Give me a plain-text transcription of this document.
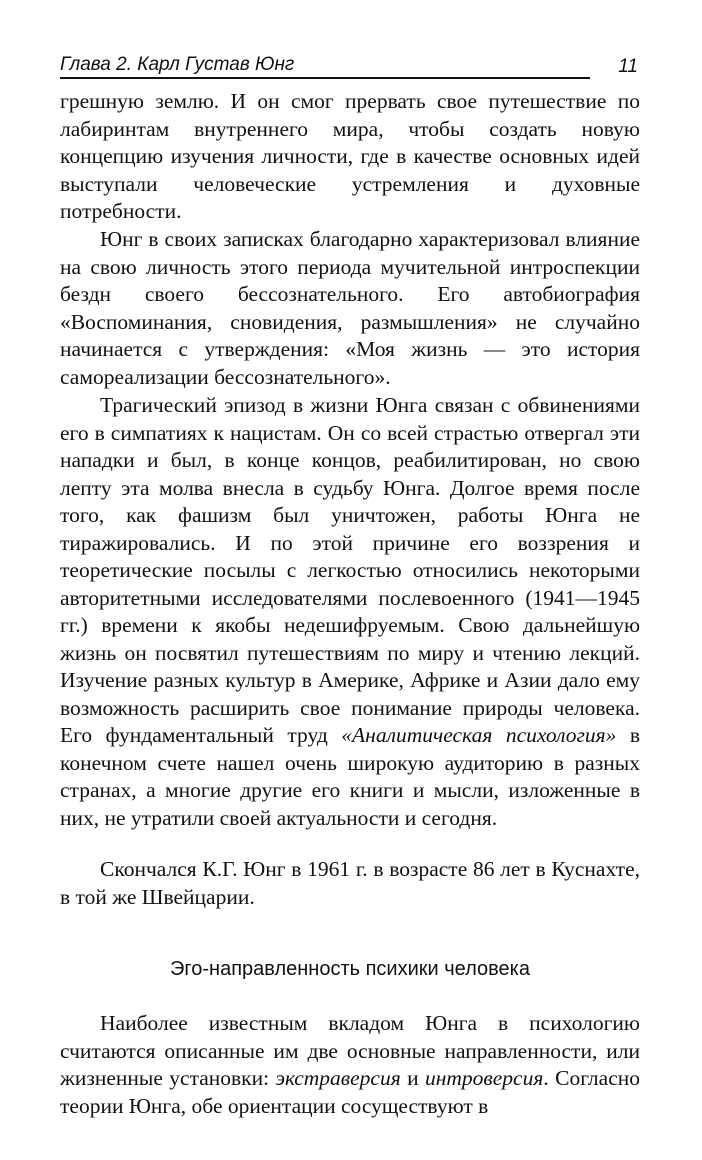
Глава 2. Карл Густав Юнг	11

грешную землю. И он смог прервать свое путешествие по лабиринтам внутреннего мира, чтобы создать новую концепцию изучения личности, где в качестве основных идей выступали человеческие устремления и духовные потребности.

Юнг в своих записках благодарно характеризовал влияние на свою личность этого периода мучительной интроспекции бездн своего бессознательного. Его автобиография «Воспоминания, сновидения, размышления» не случайно начинается с утверждения: «Моя жизнь — это история самореализации бессознательного».

Трагический эпизод в жизни Юнга связан с обвинениями его в симпатиях к нацистам. Он со всей страстью отвергал эти нападки и был, в конце концов, реабилитирован, но свою лепту эта молва внесла в судьбу Юнга. Долгое время после того, как фашизм был уничтожен, работы Юнга не тиражировались. И по этой причине его воззрения и теоретические посылы с легкостью относились некоторыми авторитетными исследователями послевоенного (1941—1945 гг.) времени к якобы недешифруемым. Свою дальнейшую жизнь он посвятил путешествиям по миру и чтению лекций. Изучение разных культур в Америке, Африке и Азии дало ему возможность расширить свое понимание природы человека. Его фундаментальный труд «Аналитическая психология» в конечном счете нашел очень широкую аудиторию в разных странах, а многие другие его книги и мысли, изложенные в них, не утратили своей актуальности и сегодня.

Скончался К.Г. Юнг в 1961 г. в возрасте 86 лет в Куснахте, в той же Швейцарии.

Эго-направленность психики человека

Наиболее известным вкладом Юнга в психологию считаются описанные им две основные направленности, или жизненные установки: экстраверсия и интроверсия. Согласно теории Юнга, обе ориентации сосуществуют в
